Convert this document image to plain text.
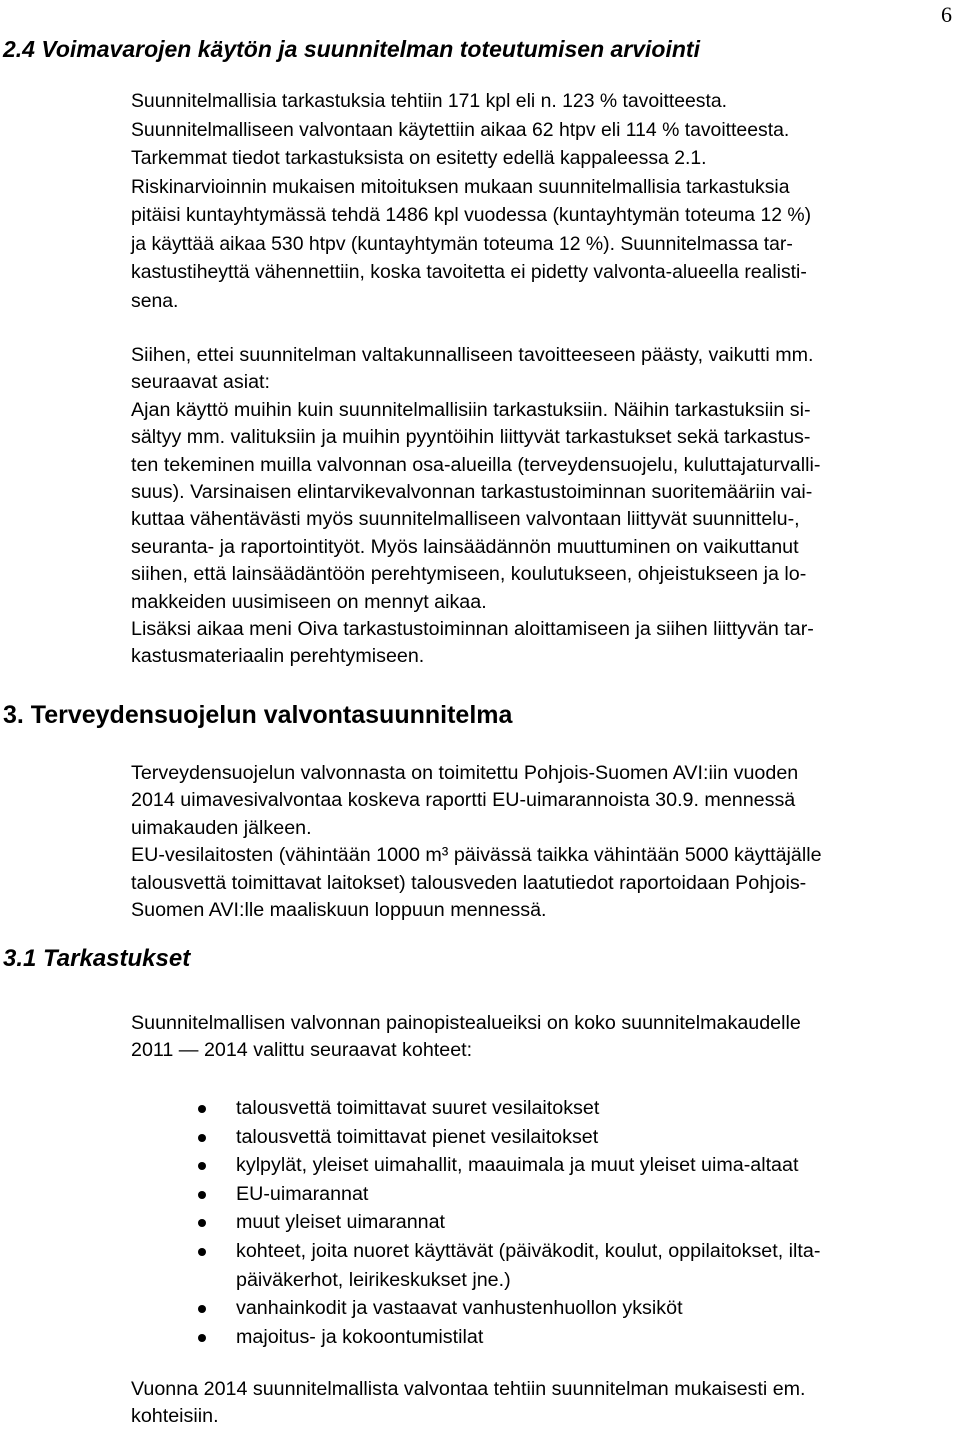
6
2.4 Voimavarojen käytön ja suunnitelman toteutumisen arviointi
Suunnitelmallisia tarkastuksia tehtiin 171 kpl eli n. 123 % tavoitteesta.
Suunnitelmalliseen valvontaan käytettiin aikaa 62 htpv eli 114 % tavoitteesta.
Tarkemmat tiedot tarkastuksista on esitetty edellä kappaleessa 2.1.
Riskinarvioinnin mukaisen mitoituksen mukaan suunnitelmallisia tarkastuksia
pitäisi kuntayhtymässä tehdä 1486 kpl vuodessa (kuntayhtymän toteuma 12 %)
ja käyttää aikaa 530 htpv (kuntayhtymän toteuma 12 %). Suunnitelmassa tar-
kastustiheyttä vähennettiin, koska tavoitetta ei pidetty valvonta-alueella realisti-
sena.
Siihen, ettei suunnitelman valtakunnalliseen tavoitteeseen päästy, vaikutti mm.
seuraavat asiat:
Ajan käyttö muihin kuin suunnitelmallisiin tarkastuksiin. Näihin tarkastuksiin si-
sältyy mm. valituksiin ja muihin pyyntöihin liittyvät tarkastukset sekä tarkastus-
ten tekeminen muilla valvonnan osa-alueilla (terveydensuojelu, kuluttajaturvalli-
suus). Varsinaisen elintarvikevalvonnan tarkastustoiminnan suoritemääriin vai-
kuttaa vähentävästi myös suunnitelmalliseen valvontaan liittyvät suunnittelu-,
seuranta- ja raportointityöt. Myös lainsäädännön muuttuminen on vaikuttanut
siihen, että lainsäädäntöön perehtymiseen, koulutukseen, ohjeistukseen ja lo-
makkeiden uusimiseen on mennyt aikaa.
Lisäksi aikaa meni Oiva tarkastustoiminnan aloittamiseen ja siihen liittyvän tar-
kastusmateriaalin perehtymiseen.
3. Terveydensuojelun valvontasuunnitelma
Terveydensuojelun valvonnasta on toimitettu Pohjois-Suomen AVI:iin vuoden
2014 uimavesivalvontaa koskeva raportti EU-uimarannoista 30.9. mennessä
uimakauden jälkeen.
EU-vesilaitosten (vähintään 1000 m³ päivässä taikka vähintään 5000 käyttäjälle
talousvettä toimittavat laitokset) talousveden laatutiedot raportoidaan Pohjois-
Suomen AVI:lle maaliskuun loppuun mennessä.
3.1 Tarkastukset
Suunnitelmallisen valvonnan painopistealueiksi on koko suunnitelmakaudelle
2011 — 2014 valittu seuraavat kohteet:
talousvettä toimittavat suuret vesilaitokset
talousvettä toimittavat pienet vesilaitokset
kylpylät, yleiset uimahallit, maauimala ja muut yleiset uima-altaat
EU-uimarannat
muut yleiset uimarannat
kohteet, joita nuoret käyttävät (päiväkodit, koulut, oppilaitokset, ilta-
päiväkerhot, leirikeskukset jne.)
vanhainkodit ja vastaavat vanhustenhuollon yksiköt
majoitus- ja kokoontumistilat
Vuonna 2014 suunnitelmallista valvontaa tehtiin suunnitelman mukaisesti em.
kohteisiin.
